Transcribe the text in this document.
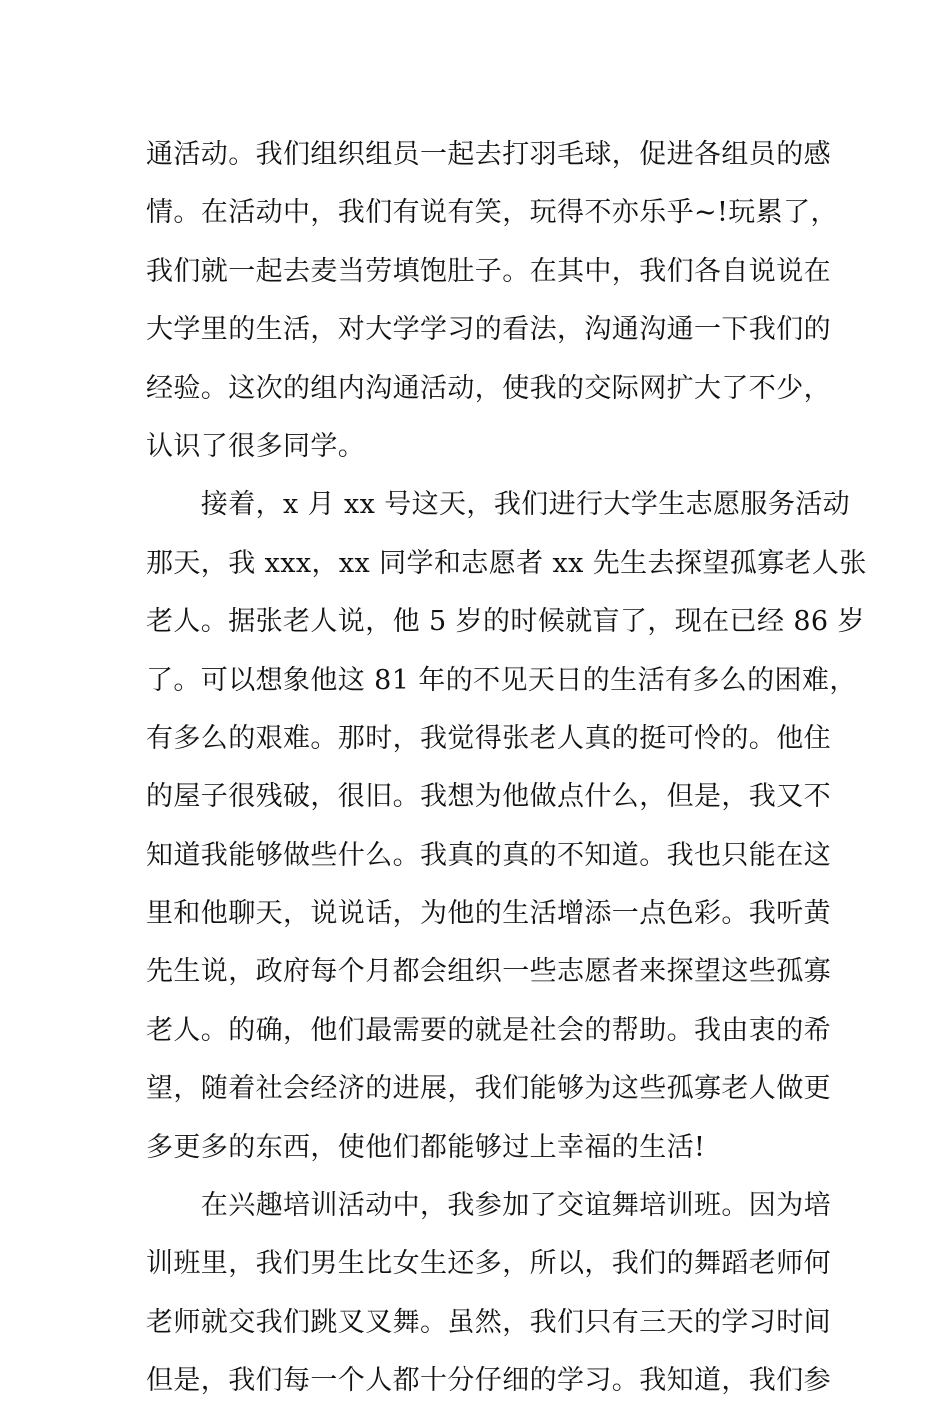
通活动。我们组织组员一起去打羽毛球，促进各组员的感
情。在活动中，我们有说有笑，玩得不亦乐乎~!玩累了，
我们就一起去麦当劳填饱肚子。在其中，我们各自说说在
大学里的生活，对大学学习的看法，沟通沟通一下我们的
经验。这次的组内沟通活动，使我的交际网扩大了不少，
认识了很多同学。
　　接着，x 月 xx 号这天，我们进行大学生志愿服务活动
那天，我 xxx，xx 同学和志愿者 xx 先生去探望孤寡老人张
老人。据张老人说，他 5 岁的时候就盲了，现在已经 86 岁
了。可以想象他这 81 年的不见天日的生活有多么的困难，
有多么的艰难。那时，我觉得张老人真的挺可怜的。他住
的屋子很残破，很旧。我想为他做点什么，但是，我又不
知道我能够做些什么。我真的真的不知道。我也只能在这
里和他聊天，说说话，为他的生活增添一点色彩。我听黄
先生说，政府每个月都会组织一些志愿者来探望这些孤寡
老人。的确，他们最需要的就是社会的帮助。我由衷的希
望，随着社会经济的进展，我们能够为这些孤寡老人做更
多更多的东西，使他们都能够过上幸福的生活!
　　在兴趣培训活动中，我参加了交谊舞培训班。因为培
训班里，我们男生比女生还多，所以，我们的舞蹈老师何
老师就交我们跳叉叉舞。虽然，我们只有三天的学习时间
但是，我们每一个人都十分仔细的学习。我知道，我们参
